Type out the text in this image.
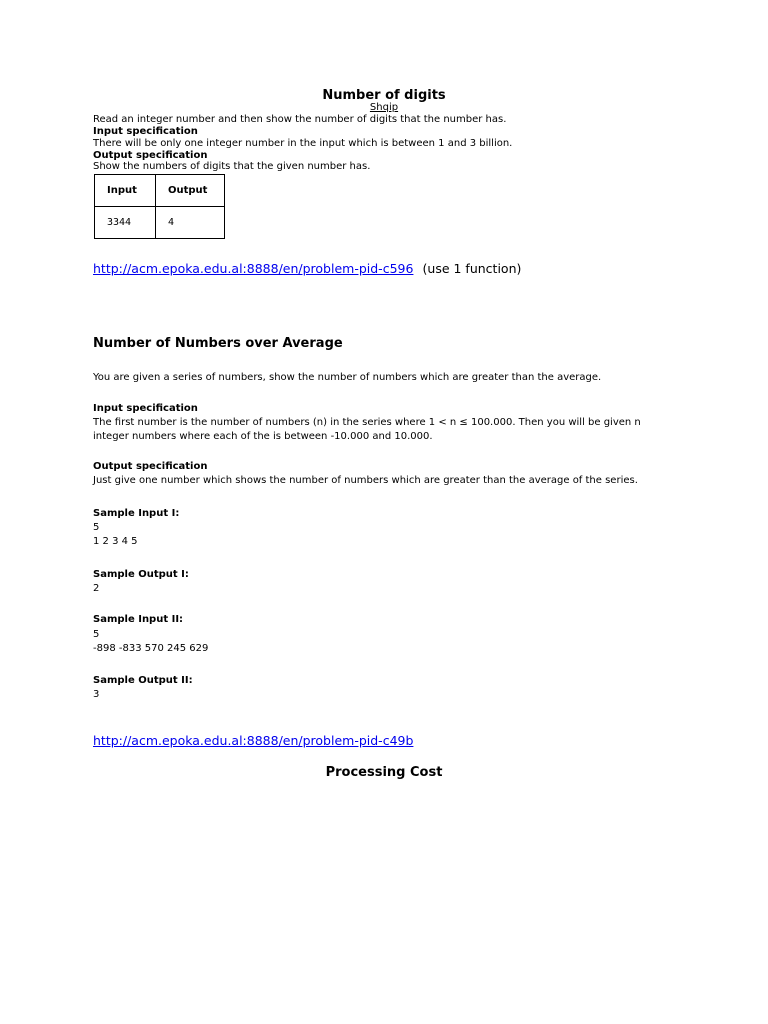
Number of digits
Shqip
Read an integer number and then show the number of digits that the number has.
Input specification
There will be only one integer number in the input which is between 1 and 3 billion.
Output specification
Show the numbers of digits that the given number has.
Input	Output
3344	4
http://acm.epoka.edu.al:8888/en/problem-pid-c596 (use 1 function)
Number of Numbers over Average
You are given a series of numbers, show the number of numbers which are greater than the average.
Input specification
The first number is the number of numbers (n) in the series where 1 < n ≤ 100.000. Then you will be given n
integer numbers where each of the is between -10.000 and 10.000.
Output specification
Just give one number which shows the number of numbers which are greater than the average of the series.
Sample Input I:
5
1 2 3 4 5
Sample Output I:
2
Sample Input II:
5
-898 -833 570 245 629
Sample Output II:
3
http://acm.epoka.edu.al:8888/en/problem-pid-c49b
Processing Cost
